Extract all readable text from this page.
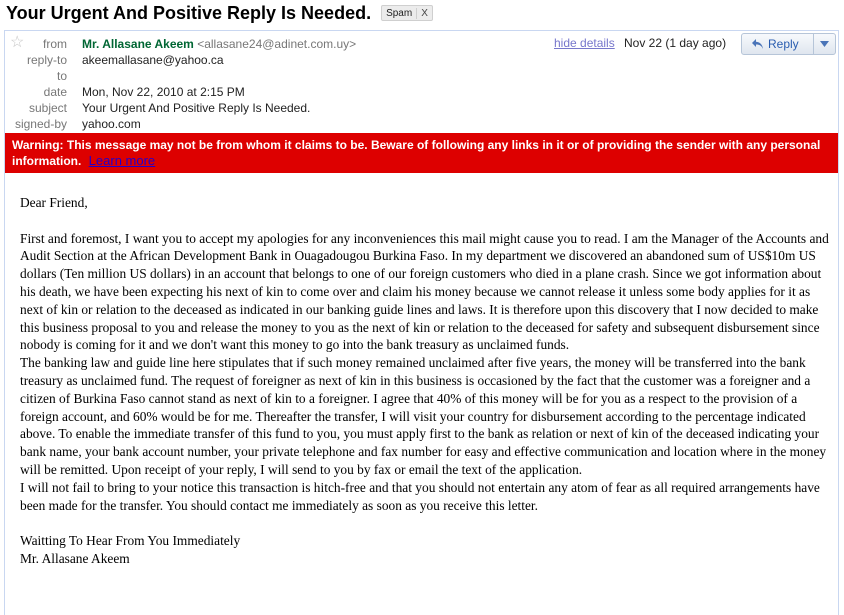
Your Urgent And Positive Reply Is Needed.	Spam X
☆	from Mr. Allasane Akeem <allasane24@adinet.com.uy>
reply-to akeemallasane@yahoo.ca
to
date Mon, Nov 22, 2010 at 2:15 PM
subject Your Urgent And Positive Reply Is Needed.
signed-by yahoo.com
hide details Nov 22 (1 day ago)	Reply
Warning: This message may not be from whom it claims to be. Beware of following any links in it or of providing the sender with any personal information. Learn more

Dear Friend,

First and foremost, I want you to accept my apologies for any inconveniences this mail might cause you to read. I am the Manager of the Accounts and Audit Section at the African Development Bank in Ouagadougou Burkina Faso. In my department we discovered an abandoned sum of US$10m US dollars (Ten million US dollars) in an account that belongs to one of our foreign customers who died in a plane crash. Since we got information about his death, we have been expecting his next of kin to come over and claim his money because we cannot release it unless some body applies for it as next of kin or relation to the deceased as indicated in our banking guide lines and laws. It is therefore upon this discovery that I now decided to make this business proposal to you and release the money to you as the next of kin or relation to the deceased for safety and subsequent disbursement since nobody is coming for it and we don't want this money to go into the bank treasury as unclaimed funds.

The banking law and guide line here stipulates that if such money remained unclaimed after five years, the money will be transferred into the bank treasury as unclaimed fund. The request of foreigner as next of kin in this business is occasioned by the fact that the customer was a foreigner and a citizen of Burkina Faso cannot stand as next of kin to a foreigner. I agree that 40% of this money will be for you as a respect to the provision of a foreign account, and 60% would be for me. Thereafter the transfer, I will visit your country for disbursement according to the percentage indicated above. To enable the immediate transfer of this fund to you, you must apply first to the bank as relation or next of kin of the deceased indicating your bank name, your bank account number, your private telephone and fax number for easy and effective communication and location where in the money will be remitted. Upon receipt of your reply, I will send to you by fax or email the text of the application.

I will not fail to bring to your notice this transaction is hitch-free and that you should not entertain any atom of fear as all required arrangements have been made for the transfer. You should contact me immediately as soon as you receive this letter.

Waitting To Hear From You Immediately

Mr. Allasane Akeem
